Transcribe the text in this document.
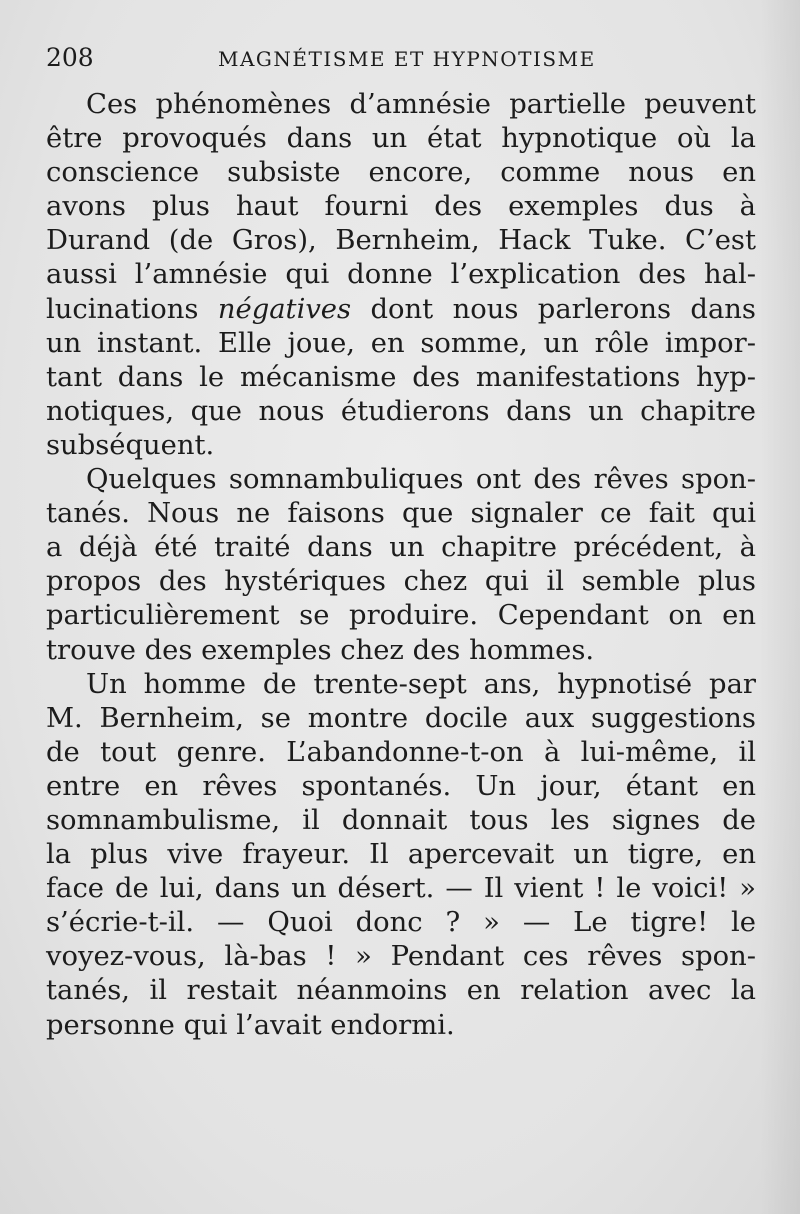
208	MAGNÉTISME ET HYPNOTISME
Ces phénomènes d’amnésie partielle peuvent
être provoqués dans un état hypnotique où la
conscience subsiste encore, comme nous en
avons plus haut fourni des exemples dus à
Durand (de Gros), Bernheim, Hack Tuke. C’est
aussi l’amnésie qui donne l’explication des hal-
lucinations négatives dont nous parlerons dans
un instant. Elle joue, en somme, un rôle impor-
tant dans le mécanisme des manifestations hyp-
notiques, que nous étudierons dans un chapitre
subséquent.
Quelques somnambuliques ont des rêves spon-
tanés. Nous ne faisons que signaler ce fait qui
a déjà été traité dans un chapitre précédent, à
propos des hystériques chez qui il semble plus
particulièrement se produire. Cependant on en
trouve des exemples chez des hommes.
Un homme de trente-sept ans, hypnotisé par
M. Bernheim, se montre docile aux suggestions
de tout genre. L’abandonne-t-on à lui-même, il
entre en rêves spontanés. Un jour, étant en
somnambulisme, il donnait tous les signes de
la plus vive frayeur. Il apercevait un tigre, en
face de lui, dans un désert. — Il vient ! le voici! »
s’écrie-t-il. — Quoi donc ? » — Le tigre! le
voyez-vous, là-bas ! » Pendant ces rêves spon-
tanés, il restait néanmoins en relation avec la
personne qui l’avait endormi.
